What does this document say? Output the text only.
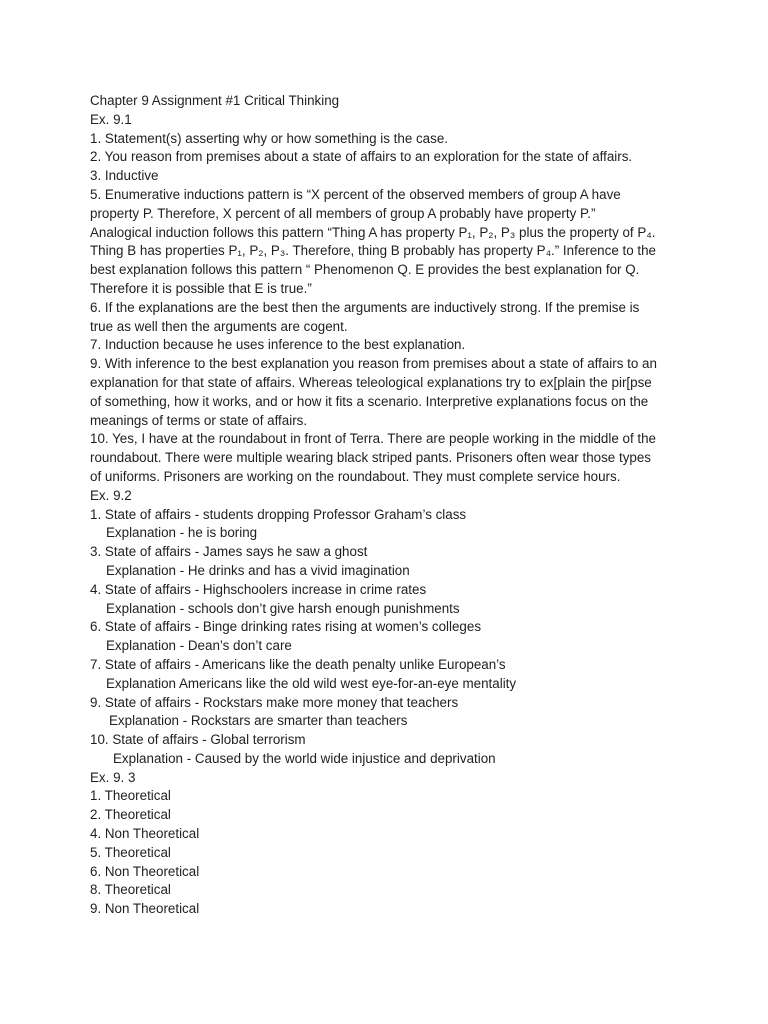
Chapter 9 Assignment #1 Critical Thinking

Ex. 9.1

1. Statement(s) asserting why or how something is the case.

2. You reason from premises about a state of affairs to an exploration for the state of affairs.

3. Inductive

5. Enumerative inductions pattern is “X percent of the observed members of group A have

property P. Therefore, X percent of all members of group A probably have property P.”

Analogical induction follows this pattern “Thing A has property P₁, P₂, P₃ plus the property of P₄.

Thing B has properties P₁, P₂, P₃. Therefore, thing B probably has property P₄.” Inference to the

best explanation follows this pattern “ Phenomenon Q. E provides the best explanation for Q.

Therefore it is possible that E is true.”

6. If the explanations are the best then the arguments are inductively strong. If the premise is

true as well then the arguments are cogent.

7. Induction because he uses inference to the best explanation.

9. With inference to the best explanation you reason from premises about a state of affairs to an

explanation for that state of affairs. Whereas teleological explanations try to ex[plain the pir[pse

of something, how it works, and or how it fits a scenario. Interpretive explanations focus on the

meanings of terms or state of affairs.

10. Yes, I have at the roundabout in front of Terra. There are people working in the middle of the

roundabout. There were multiple wearing black striped pants. Prisoners often wear those types

of uniforms. Prisoners are working on the roundabout. They must complete service hours.

Ex. 9.2

1. State of affairs - students dropping Professor Graham’s class

Explanation - he is boring

3. State of affairs - James says he saw a ghost

Explanation - He drinks and has a vivid imagination

4. State of affairs - Highschoolers increase in crime rates

Explanation - schools don’t give harsh enough punishments

6. State of affairs - Binge drinking rates rising at women’s colleges

Explanation - Dean’s don’t care

7. State of affairs - Americans like the death penalty unlike European’s

Explanation Americans like the old wild west eye-for-an-eye mentality

9. State of affairs - Rockstars make more money that teachers

Explanation - Rockstars are smarter than teachers

10. State of affairs - Global terrorism

Explanation - Caused by the world wide injustice and deprivation

Ex. 9. 3

1. Theoretical

2. Theoretical

4. Non Theoretical

5. Theoretical

6. Non Theoretical

8. Theoretical

9. Non Theoretical
